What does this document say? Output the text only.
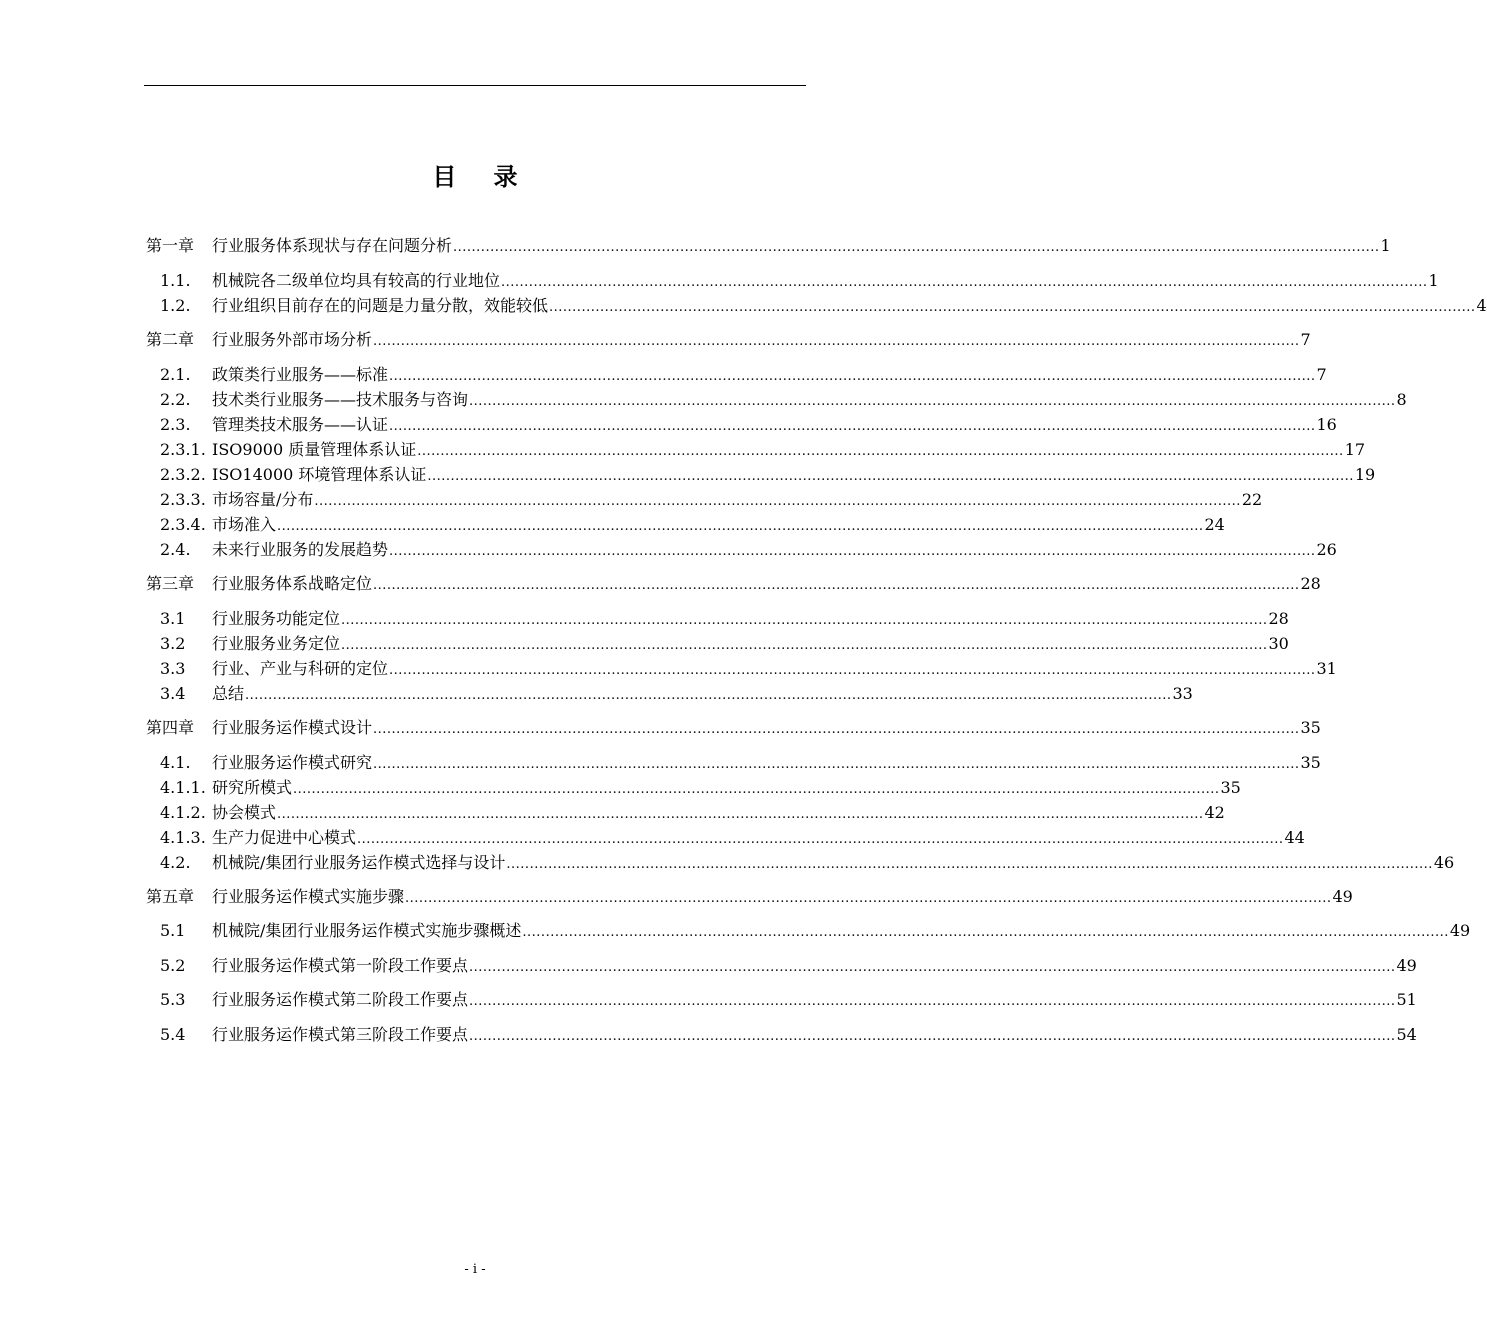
目 录
第一章	行业服务体系现状与存在问题分析 ........................................................................................................................................................................................................ 1
1.1.	机械院各二级单位均具有较高的行业地位 ........................................................................................................................................................................................................ 1
1.2.	行业组织目前存在的问题是力量分散，效能较低 ........................................................................................................................................................................................................ 4
第二章	行业服务外部市场分析 ........................................................................................................................................................................................................ 7
2.1.	政策类行业服务——标准 ........................................................................................................................................................................................................ 7
2.2.	技术类行业服务——技术服务与咨询 ........................................................................................................................................................................................................ 8
2.3.	管理类技术服务——认证 ........................................................................................................................................................................................................ 16
2.3.1. ISO9000 质量管理体系认证 ........................................................................................................................................................................................................ 17
2.3.2. ISO14000 环境管理体系认证 ........................................................................................................................................................................................................ 19
2.3.3. 市场容量/分布 ........................................................................................................................................................................................................ 22
2.3.4. 市场准入 ........................................................................................................................................................................................................ 24
2.4.	未来行业服务的发展趋势 ........................................................................................................................................................................................................ 26
第三章	行业服务体系战略定位 ........................................................................................................................................................................................................ 28
3.1	行业服务功能定位 ........................................................................................................................................................................................................ 28
3.2	行业服务业务定位 ........................................................................................................................................................................................................ 30
3.3	行业、产业与科研的定位 ........................................................................................................................................................................................................ 31
3.4	总结 ........................................................................................................................................................................................................ 33
第四章	行业服务运作模式设计 ........................................................................................................................................................................................................ 35
4.1.	行业服务运作模式研究 ........................................................................................................................................................................................................ 35
4.1.1. 研究所模式 ........................................................................................................................................................................................................ 35
4.1.2. 协会模式 ........................................................................................................................................................................................................ 42
4.1.3. 生产力促进中心模式 ........................................................................................................................................................................................................ 44
4.2.	机械院/集团行业服务运作模式选择与设计 ........................................................................................................................................................................................................ 46
第五章	行业服务运作模式实施步骤 ........................................................................................................................................................................................................ 49
5.1	机械院/集团行业服务运作模式实施步骤概述 ........................................................................................................................................................................................................ 49
5.2	行业服务运作模式第一阶段工作要点 ........................................................................................................................................................................................................ 49
5.3	行业服务运作模式第二阶段工作要点 ........................................................................................................................................................................................................ 51
5.4	行业服务运作模式第三阶段工作要点 ........................................................................................................................................................................................................ 54
- i -
